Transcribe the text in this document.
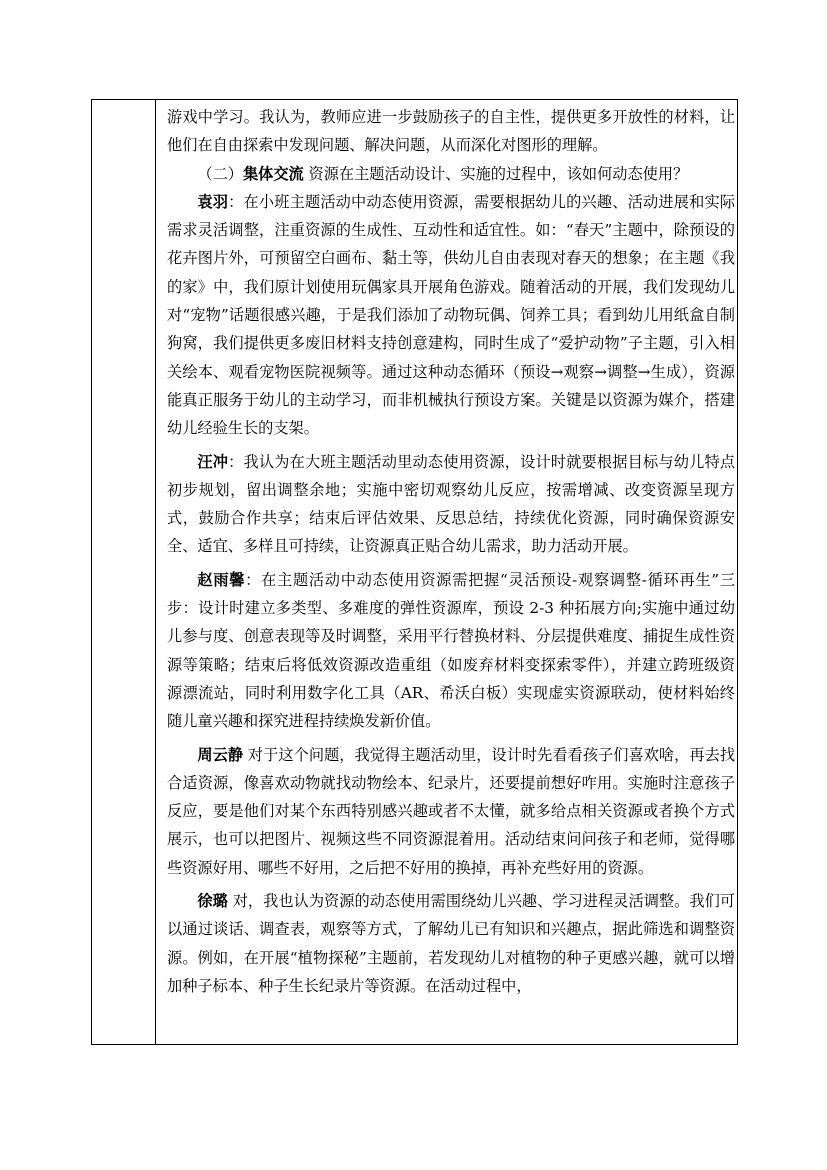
游戏中学习。我认为，教师应进一步鼓励孩子的自主性，提供更多开放性的材料，让他们在自由探索中发现问题、解决问题，从而深化对图形的理解。

（二）集体交流 资源在主题活动设计、实施的过程中，该如何动态使用？

袁羽：在小班主题活动中动态使用资源，需要根据幼儿的兴趣、活动进展和实际需求灵活调整，注重资源的生成性、互动性和适宜性。如：“春天”主题中，除预设的花卉图片外，可预留空白画布、黏土等，供幼儿自由表现对春天的想象；在主题《我的家》中，我们原计划使用玩偶家具开展角色游戏。随着活动的开展，我们发现幼儿对“宠物”话题很感兴趣，于是我们添加了动物玩偶、饲养工具；看到幼儿用纸盒自制狗窝，我们提供更多废旧材料支持创意建构，同时生成了“爱护动物”子主题，引入相关绘本、观看宠物医院视频等。通过这种动态循环（预设→观察→调整→生成），资源能真正服务于幼儿的主动学习，而非机械执行预设方案。关键是以资源为媒介，搭建幼儿经验生长的支架。

汪冲：我认为在大班主题活动里动态使用资源，设计时就要根据目标与幼儿特点初步规划，留出调整余地；实施中密切观察幼儿反应，按需增减、改变资源呈现方式，鼓励合作共享；结束后评估效果、反思总结，持续优化资源，同时确保资源安全、适宜、多样且可持续，让资源真正贴合幼儿需求，助力活动开展。

赵雨馨：在主题活动中动态使用资源需把握“灵活预设-观察调整-循环再生”三步：设计时建立多类型、多难度的弹性资源库，预设 2-3 种拓展方向;实施中通过幼儿参与度、创意表现等及时调整，采用平行替换材料、分层提供难度、捕捉生成性资源等策略；结束后将低效资源改造重组（如废弃材料变探索零件），并建立跨班级资源漂流站，同时利用数字化工具（AR、希沃白板）实现虚实资源联动，使材料始终随儿童兴趣和探究进程持续焕发新价值。

周云静 对于这个问题，我觉得主题活动里，设计时先看看孩子们喜欢啥，再去找合适资源，像喜欢动物就找动物绘本、纪录片，还要提前想好咋用。实施时注意孩子反应，要是他们对某个东西特别感兴趣或者不太懂，就多给点相关资源或者换个方式展示，也可以把图片、视频这些不同资源混着用。活动结束问问孩子和老师，觉得哪些资源好用、哪些不好用，之后把不好用的换掉，再补充些好用的资源。

徐璐 对，我也认为资源的动态使用需围绕幼儿兴趣、学习进程灵活调整。我们可以通过谈话、调查表，观察等方式，了解幼儿已有知识和兴趣点，据此筛选和调整资源。例如，在开展“植物探秘”主题前，若发现幼儿对植物的种子更感兴趣，就可以增加种子标本、种子生长纪录片等资源。在活动过程中，
